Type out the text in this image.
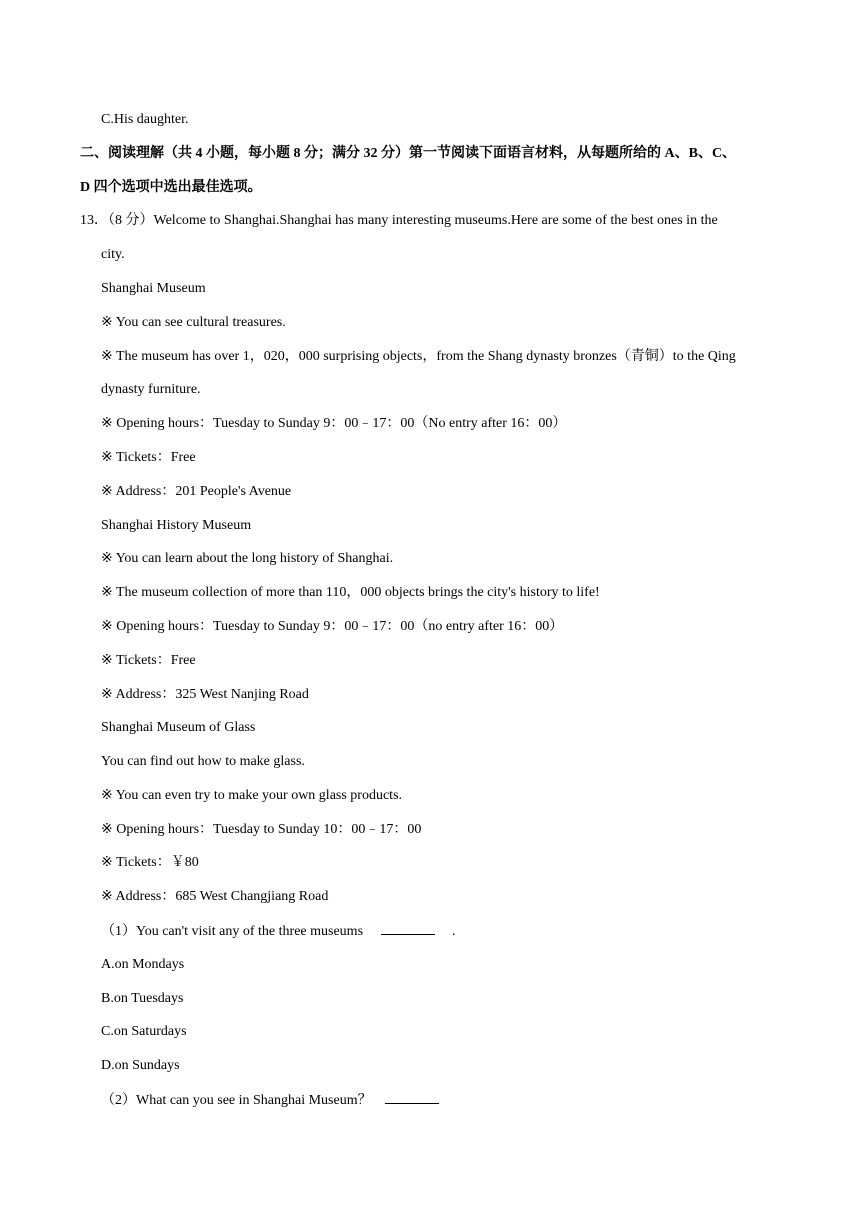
C.His daughter.
二、阅读理解（共 4 小题，每小题 8 分；满分 32 分）第一节阅读下面语言材料，从每题所给的 A、B、C、
D 四个选项中选出最佳选项。
13．（8 分）Welcome to Shanghai.Shanghai has many interesting museums.Here are some of the best ones in the
city.
Shanghai Museum
※ You can see cultural treasures.
※ The museum has over 1，020，000 surprising objects，from the Shang dynasty bronzes（青铜）to the Qing
dynasty furniture.
※ Opening hours：Tuesday to Sunday 9：00﹣17：00（No entry after 16：00）
※ Tickets：Free
※ Address：201 People's Avenue
Shanghai History Museum
※ You can learn about the long history of Shanghai.
※ The museum collection of more than 110，000 objects brings the city's history to life!
※ Opening hours：Tuesday to Sunday 9：00﹣17：00（no entry after 16：00）
※ Tickets：Free
※ Address：325 West Nanjing Road
Shanghai Museum of Glass
You can find out how to make glass.
※ You can even try to make your own glass products.
※ Opening hours：Tuesday to Sunday 10：00﹣17：00
※ Tickets：￥80
※ Address：685 West Changjiang Road
（1）You can't visit any of the three museums	.
A.on Mondays
B.on Tuesdays
C.on Saturdays
D.on Sundays
（2）What can you see in Shanghai Museum？
